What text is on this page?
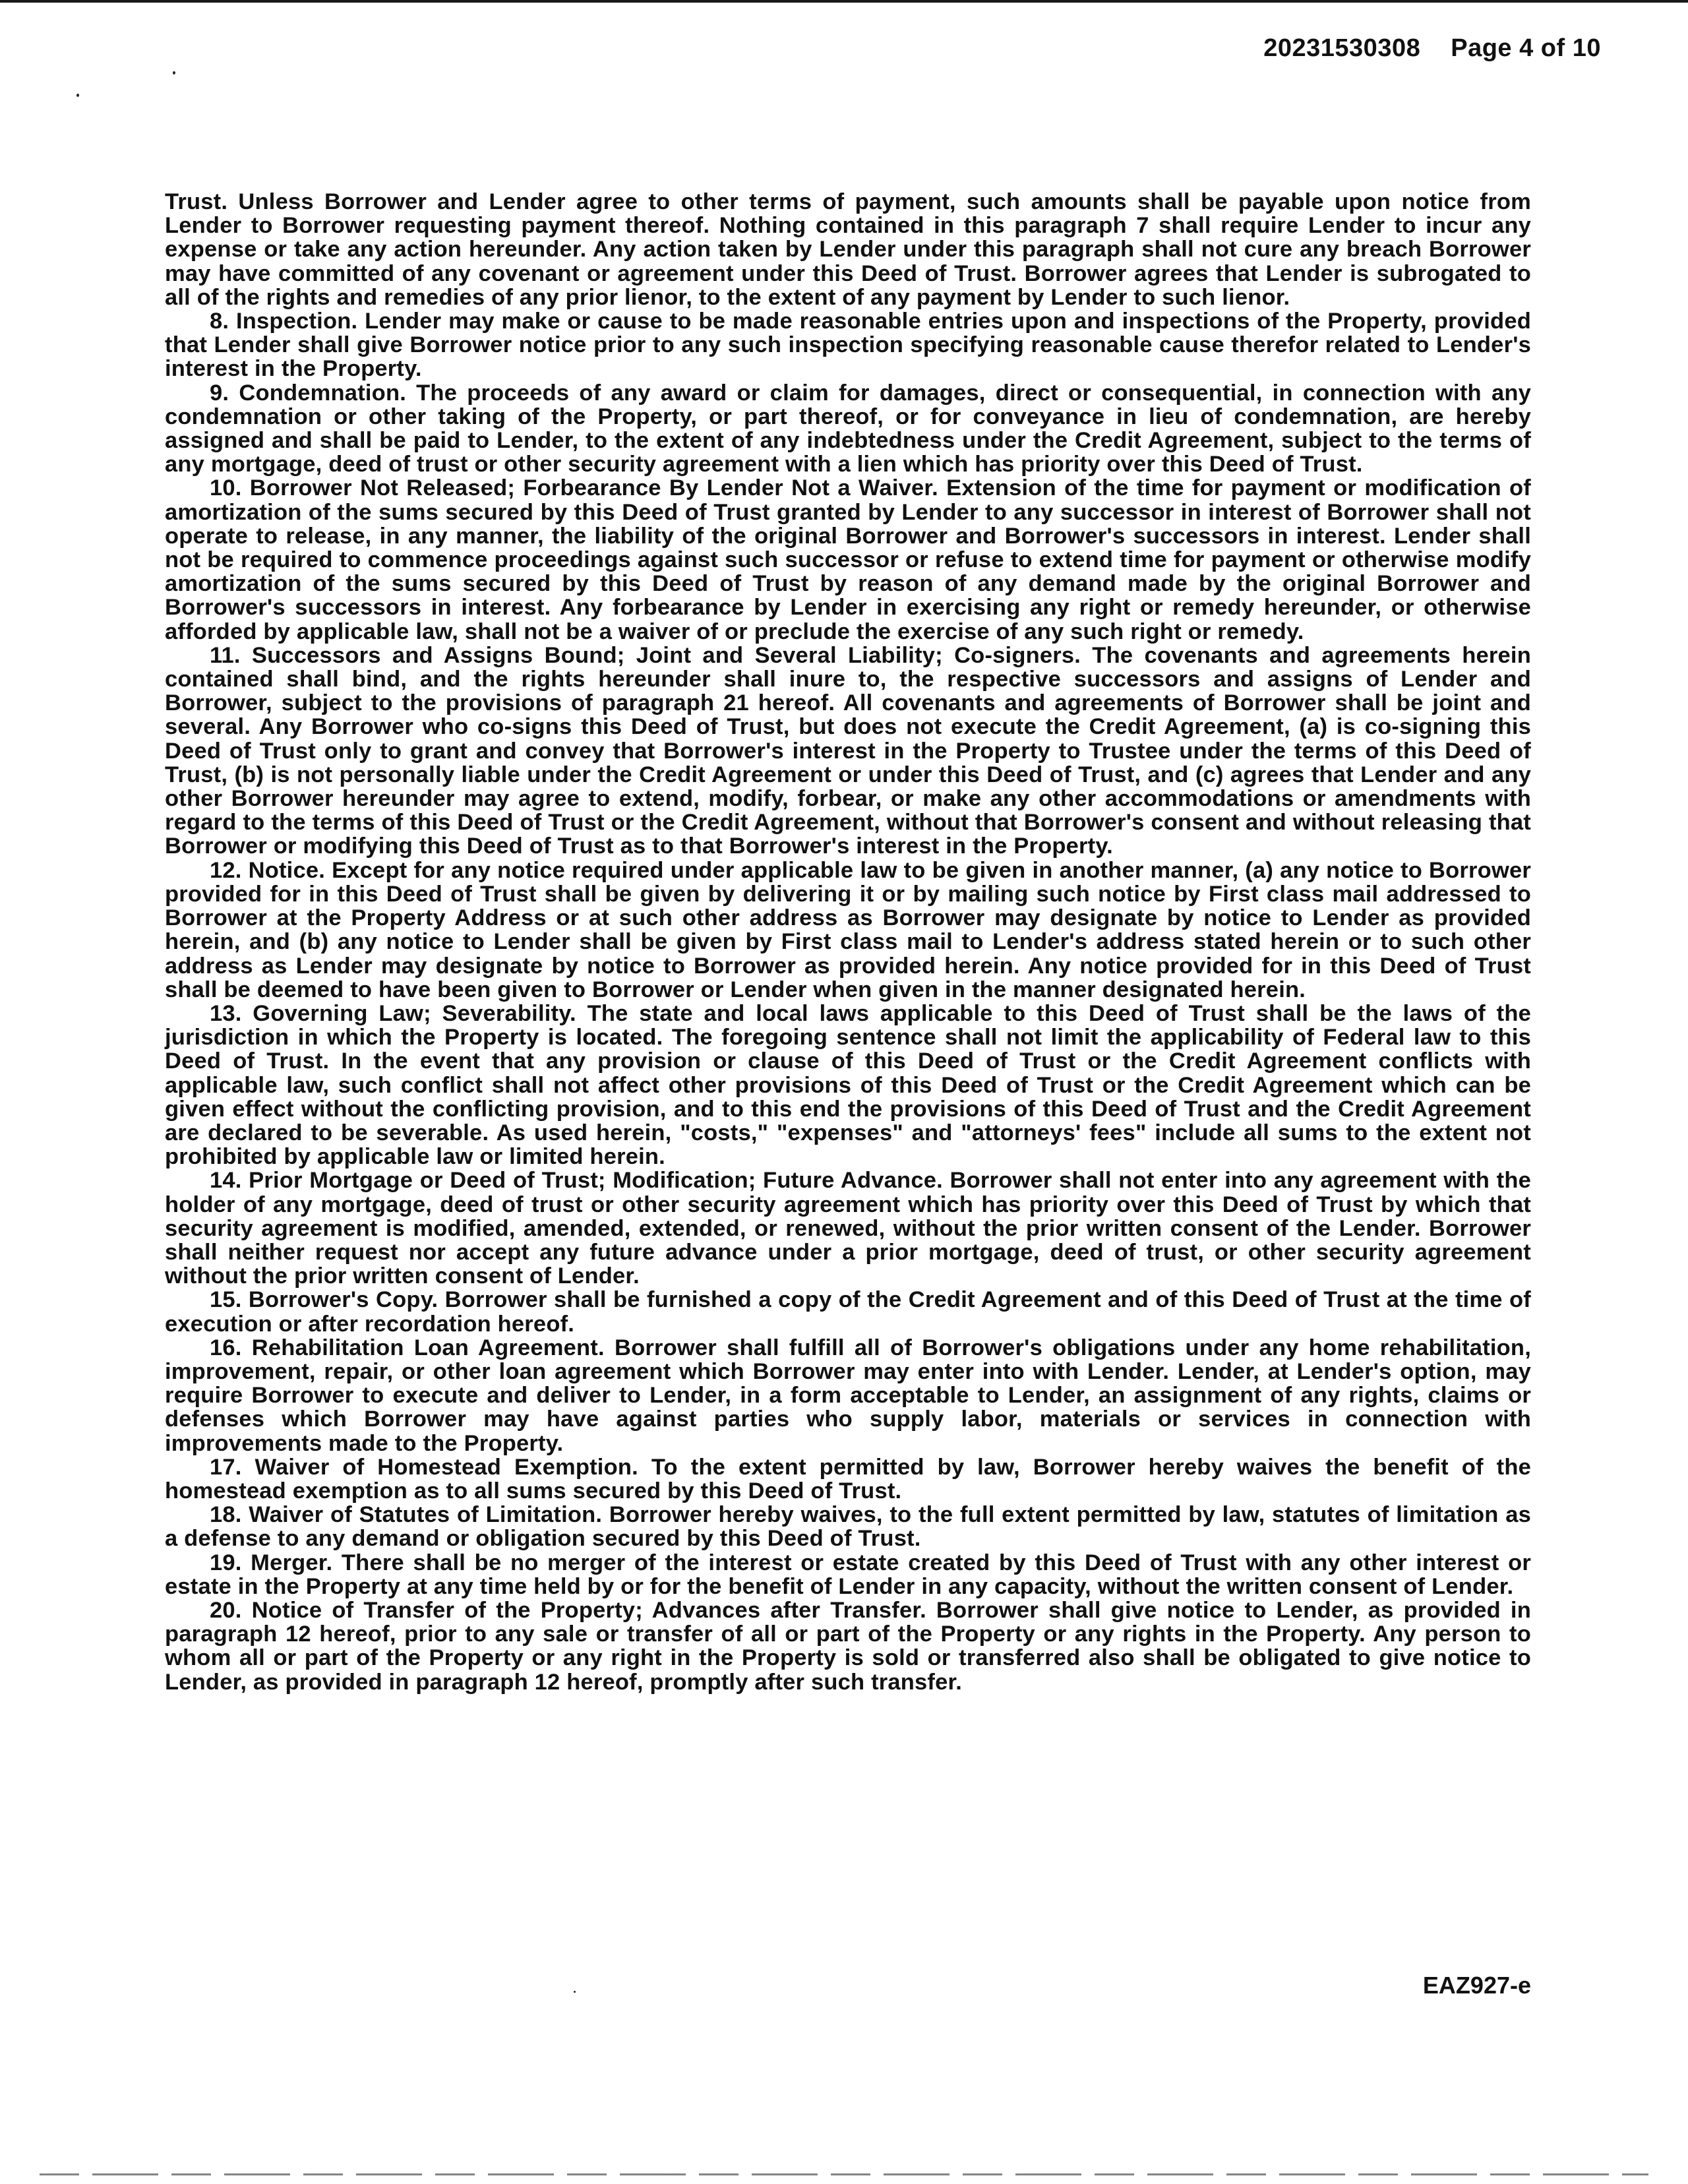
20231530308 Page 4 of 10

Trust. Unless Borrower and Lender agree to other terms of payment, such amounts shall be payable upon notice from Lender to Borrower requesting payment thereof. Nothing contained in this paragraph 7 shall require Lender to incur any expense or take any action hereunder. Any action taken by Lender under this paragraph shall not cure any breach Borrower may have committed of any covenant or agreement under this Deed of Trust. Borrower agrees that Lender is subrogated to all of the rights and remedies of any prior lienor, to the extent of any payment by Lender to such lienor.

8. Inspection. Lender may make or cause to be made reasonable entries upon and inspections of the Property, provided that Lender shall give Borrower notice prior to any such inspection specifying reasonable cause therefor related to Lender's interest in the Property.

9. Condemnation. The proceeds of any award or claim for damages, direct or consequential, in connection with any condemnation or other taking of the Property, or part thereof, or for conveyance in lieu of condemnation, are hereby assigned and shall be paid to Lender, to the extent of any indebtedness under the Credit Agreement, subject to the terms of any mortgage, deed of trust or other security agreement with a lien which has priority over this Deed of Trust.

10. Borrower Not Released; Forbearance By Lender Not a Waiver. Extension of the time for payment or modification of amortization of the sums secured by this Deed of Trust granted by Lender to any successor in interest of Borrower shall not operate to release, in any manner, the liability of the original Borrower and Borrower's successors in interest. Lender shall not be required to commence proceedings against such successor or refuse to extend time for payment or otherwise modify amortization of the sums secured by this Deed of Trust by reason of any demand made by the original Borrower and Borrower's successors in interest. Any forbearance by Lender in exercising any right or remedy hereunder, or otherwise afforded by applicable law, shall not be a waiver of or preclude the exercise of any such right or remedy.

11. Successors and Assigns Bound; Joint and Several Liability; Co-signers. The covenants and agreements herein contained shall bind, and the rights hereunder shall inure to, the respective successors and assigns of Lender and Borrower, subject to the provisions of paragraph 21 hereof. All covenants and agreements of Borrower shall be joint and several. Any Borrower who co-signs this Deed of Trust, but does not execute the Credit Agreement, (a) is co-signing this Deed of Trust only to grant and convey that Borrower's interest in the Property to Trustee under the terms of this Deed of Trust, (b) is not personally liable under the Credit Agreement or under this Deed of Trust, and (c) agrees that Lender and any other Borrower hereunder may agree to extend, modify, forbear, or make any other accommodations or amendments with regard to the terms of this Deed of Trust or the Credit Agreement, without that Borrower's consent and without releasing that Borrower or modifying this Deed of Trust as to that Borrower's interest in the Property.

12. Notice. Except for any notice required under applicable law to be given in another manner, (a) any notice to Borrower provided for in this Deed of Trust shall be given by delivering it or by mailing such notice by First class mail addressed to Borrower at the Property Address or at such other address as Borrower may designate by notice to Lender as provided herein, and (b) any notice to Lender shall be given by First class mail to Lender's address stated herein or to such other address as Lender may designate by notice to Borrower as provided herein. Any notice provided for in this Deed of Trust shall be deemed to have been given to Borrower or Lender when given in the manner designated herein.

13. Governing Law; Severability. The state and local laws applicable to this Deed of Trust shall be the laws of the jurisdiction in which the Property is located. The foregoing sentence shall not limit the applicability of Federal law to this Deed of Trust. In the event that any provision or clause of this Deed of Trust or the Credit Agreement conflicts with applicable law, such conflict shall not affect other provisions of this Deed of Trust or the Credit Agreement which can be given effect without the conflicting provision, and to this end the provisions of this Deed of Trust and the Credit Agreement are declared to be severable. As used herein, "costs," "expenses" and "attorneys' fees" include all sums to the extent not prohibited by applicable law or limited herein.

14. Prior Mortgage or Deed of Trust; Modification; Future Advance. Borrower shall not enter into any agreement with the holder of any mortgage, deed of trust or other security agreement which has priority over this Deed of Trust by which that security agreement is modified, amended, extended, or renewed, without the prior written consent of the Lender. Borrower shall neither request nor accept any future advance under a prior mortgage, deed of trust, or other security agreement without the prior written consent of Lender.

15. Borrower's Copy. Borrower shall be furnished a copy of the Credit Agreement and of this Deed of Trust at the time of execution or after recordation hereof.

16. Rehabilitation Loan Agreement. Borrower shall fulfill all of Borrower's obligations under any home rehabilitation, improvement, repair, or other loan agreement which Borrower may enter into with Lender. Lender, at Lender's option, may require Borrower to execute and deliver to Lender, in a form acceptable to Lender, an assignment of any rights, claims or defenses which Borrower may have against parties who supply labor, materials or services in connection with improvements made to the Property.

17. Waiver of Homestead Exemption. To the extent permitted by law, Borrower hereby waives the benefit of the homestead exemption as to all sums secured by this Deed of Trust.

18. Waiver of Statutes of Limitation. Borrower hereby waives, to the full extent permitted by law, statutes of limitation as a defense to any demand or obligation secured by this Deed of Trust.

19. Merger. There shall be no merger of the interest or estate created by this Deed of Trust with any other interest or estate in the Property at any time held by or for the benefit of Lender in any capacity, without the written consent of Lender.

20. Notice of Transfer of the Property; Advances after Transfer. Borrower shall give notice to Lender, as provided in paragraph 12 hereof, prior to any sale or transfer of all or part of the Property or any rights in the Property. Any person to whom all or part of the Property or any right in the Property is sold or transferred also shall be obligated to give notice to Lender, as provided in paragraph 12 hereof, promptly after such transfer.

EAZ927-e
